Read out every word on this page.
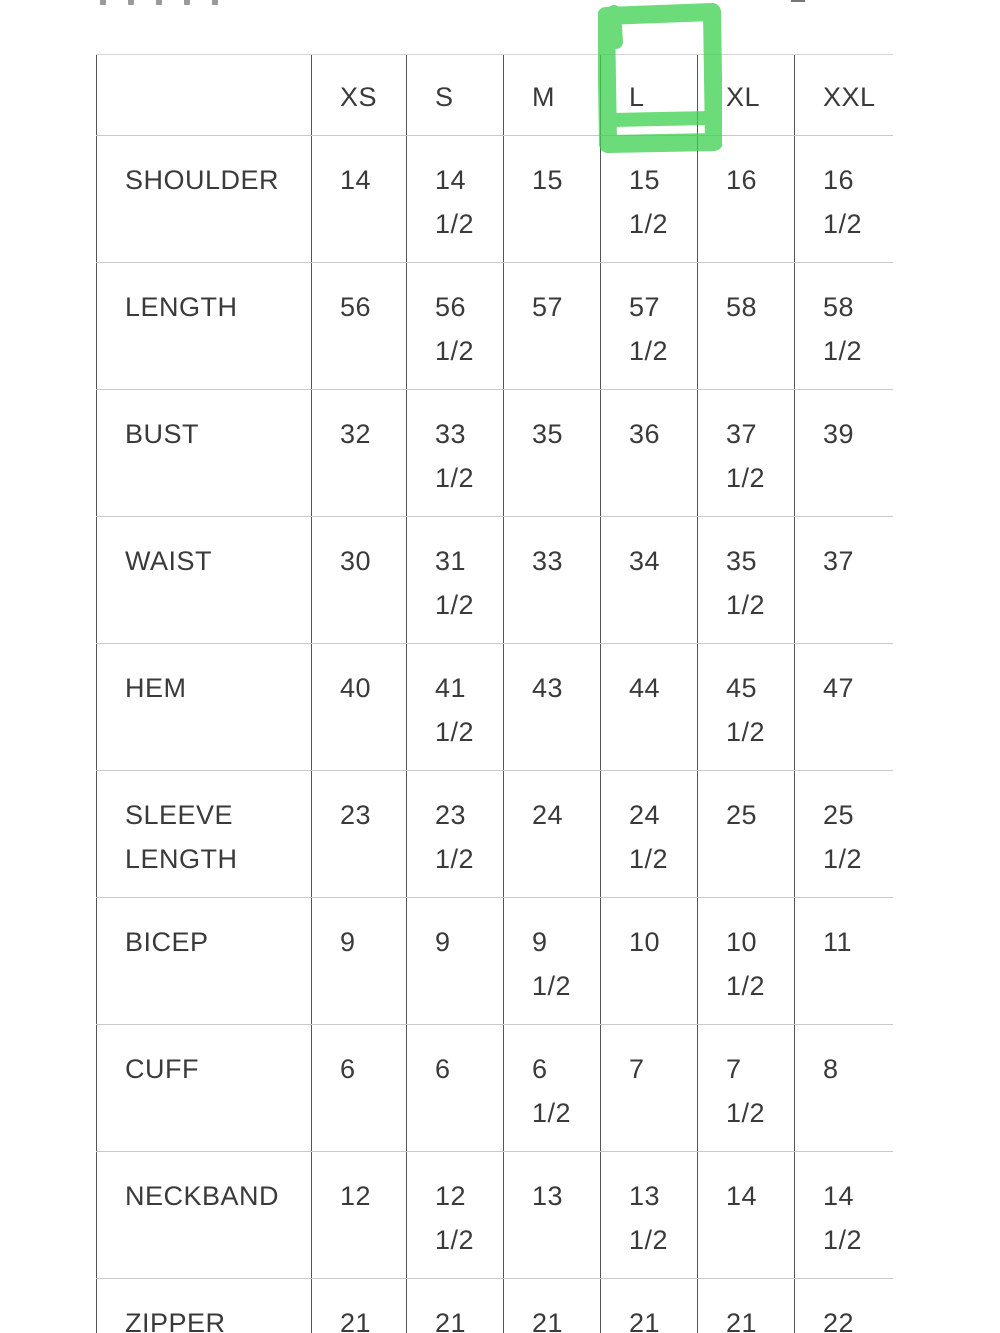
	XS	S	M	L	XL	XXL
SHOULDER	14	14 1/2	15	15 1/2	16	16 1/2

LENGTH	56	56 1/2	57	57 1/2	58	58 1/2

BUST	32	33 1/2	35	36	37 1/2	39

WAIST	30	31 1/2	33	34	35 1/2	37

HEM	40	41 1/2	43	44	45 1/2	47

SLEEVE LENGTH	23	23 1/2	24	24 1/2	25	25 1/2

BICEP	9	9	9 1/2	10	10 1/2	11

CUFF	6	6	6 1/2	7	7 1/2	8

NECKBAND	12	12 1/2	13	13 1/2	14	14 1/2

ZIPPER	21	21	21	21	21	22
